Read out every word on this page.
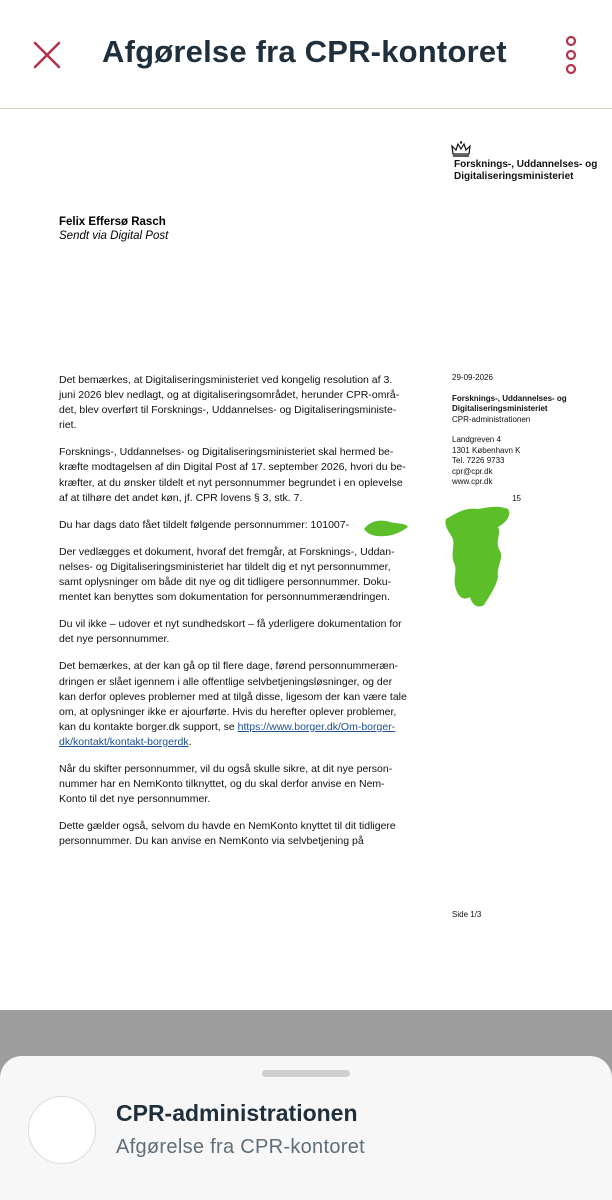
Afgørelse fra CPR-kontoret
Forsknings-, Uddannelses- og Digitaliseringsministeriet
Felix Effersø Rasch
Sendt via Digital Post
29-09-2026
Forsknings-, Uddannelses- og Digitaliseringsministeriet
CPR-administrationen
Landgreven 4
1301 København K
Tel. 7226 9733
cpr@cpr.dk
www.cpr.dk
15

Det bemærkes, at Digitaliseringsministeriet ved kongelig resolution af 3.
juni 2026 blev nedlagt, og at digitaliseringsområdet, herunder CPR-områ-
det, blev overført til Forsknings-, Uddannelses- og Digitaliseringsministe-
riet.

Forsknings-, Uddannelses- og Digitaliseringsministeriet skal hermed be-
kræfte modtagelsen af din Digital Post af 17. september 2026, hvori du be-
kræfter, at du ønsker tildelt et nyt personnummer begrundet i en oplevelse
af at tilhøre det andet køn, jf. CPR lovens § 3, stk. 7.

Du har dags dato fået tildelt følgende personnummer: 101007-

Der vedlægges et dokument, hvoraf det fremgår, at Forsknings-, Uddan-
nelses- og Digitaliseringsministeriet har tildelt dig et nyt personnummer,
samt oplysninger om både dit nye og dit tidligere personnummer. Doku-
mentet kan benyttes som dokumentation for personnummerændringen.

Du vil ikke – udover et nyt sundhedskort – få yderligere dokumentation for
det nye personnummer.

Det bemærkes, at der kan gå op til flere dage, førend personnummeræn-
dringen er slået igennem i alle offentlige selvbetjeningsløsninger, og der
kan derfor opleves problemer med at tilgå disse, ligesom der kan være tale
om, at oplysninger ikke er ajourførte. Hvis du herefter oplever problemer,
kan du kontakte borger.dk support, se https://www.borger.dk/Om-borger-
dk/kontakt/kontakt-borgerdk.

Når du skifter personnummer, vil du også skulle sikre, at dit nye person-
nummer har en NemKonto tilknyttet, og du skal derfor anvise en Nem-
Konto til det nye personnummer.

Dette gælder også, selvom du havde en NemKonto knyttet til dit tidligere
personnummer. Du kan anvise en NemKonto via selvbetjening på

Side 1/3
CPR-administrationen
Afgørelse fra CPR-kontoret
